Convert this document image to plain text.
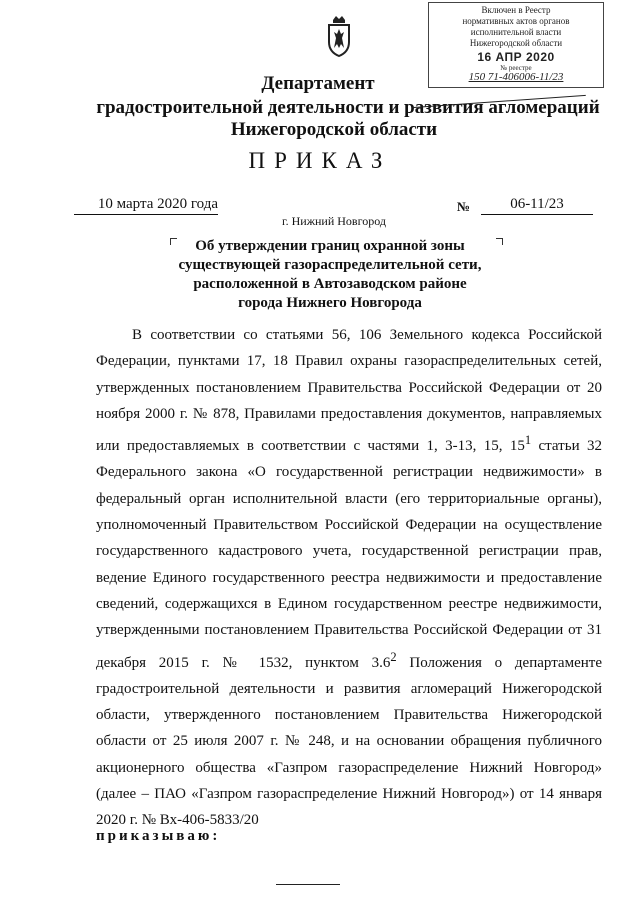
Включен в Реестр
нормативных актов органов
исполнительной власти
Нижегородской области
16 АПР 2020
№ реестре
150 71-406006-11/23
Департамент
градостроительной деятельности и развития агломераций
Нижегородской области
ПРИКАЗ
10 марта 2020 года	№	06-11/23
г. Нижний Новгород
Об утверждении границ охранной зоны
существующей газораспределительной сети,
расположенной в Автозаводском районе
города Нижнего Новгорода

В соответствии со статьями 56, 106 Земельного кодекса Российской Федерации, пунктами 17, 18 Правил охраны газораспределительных сетей, утвержденных постановлением Правительства Российской Федерации от 20 ноября 2000 г. № 878, Правилами предоставления документов, направляемых или предоставляемых в соответствии с частями 1, 3-13, 15, $15^1$ статьи 32 Федерального закона «О государственной регистрации недвижимости» в федеральный орган исполнительной власти (его территориальные органы), уполномоченный Правительством Российской Федерации на осуществление государственного кадастрового учета, государственной регистрации прав, ведение Единого государственного реестра недвижимости и предоставление сведений, содержащихся в Едином государственном реестре недвижимости, утвержденными постановлением Правительства Российской Федерации от 31 декабря 2015 г. № 1532, пунктом $3.6^2$ Положения о департаменте градостроительной деятельности и развития агломераций Нижегородской области, утвержденного постановлением Правительства Нижегородской области от 25 июля 2007 г. № 248, и на основании обращения публичного акционерного общества «Газпром газораспределение Нижний Новгород» (далее – ПАО «Газпром газораспределение Нижний Новгород») от 14 января 2020 г. № Вх-406-5833/20

приказываю:
